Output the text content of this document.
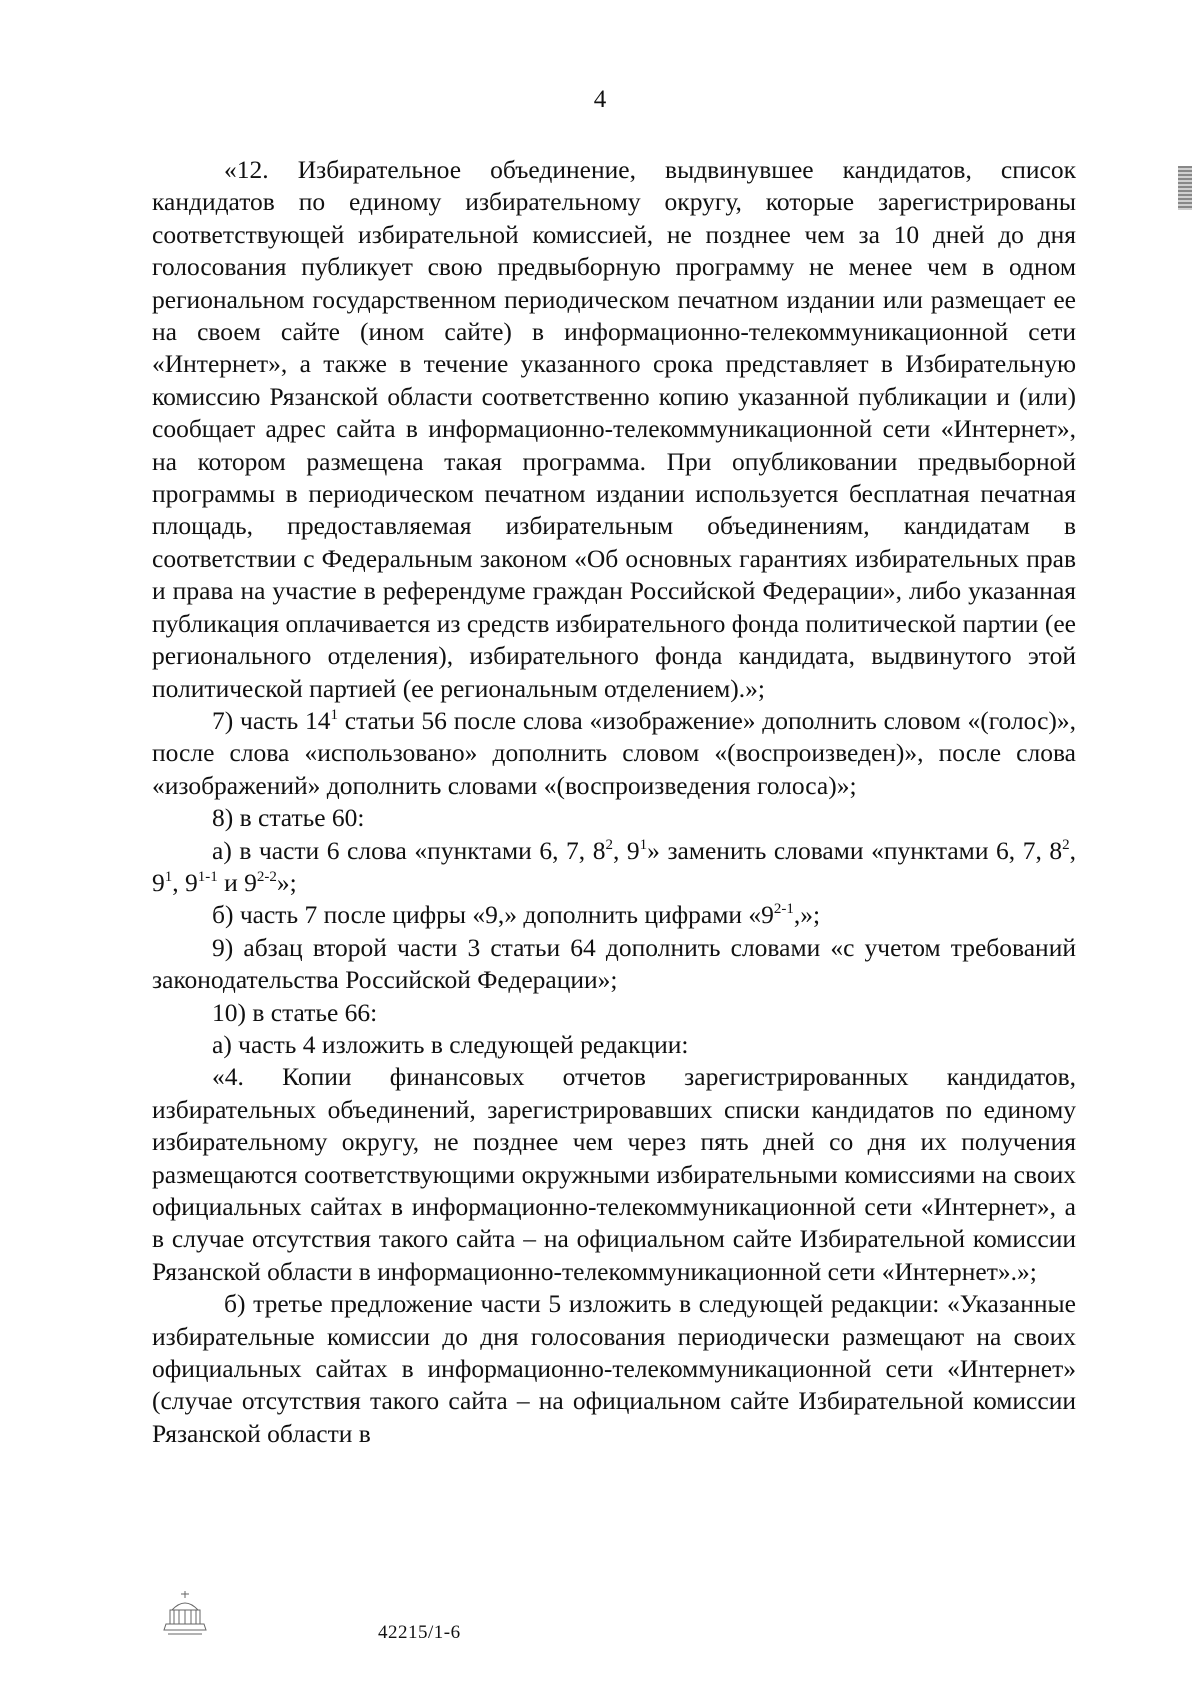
4

«12. Избирательное объединение, выдвинувшее кандидатов, список кандидатов по единому избирательному округу, которые зарегистрированы соответствующей избирательной комиссией, не позднее чем за 10 дней до дня голосования публикует свою предвыборную программу не менее чем в одном региональном государственном периодическом печатном издании или размещает ее на своем сайте (ином сайте) в информационно-телекоммуникационной сети «Интернет», а также в течение указанного срока представляет в Избирательную комиссию Рязанской области соответственно копию указанной публикации и (или) сообщает адрес сайта в информационно-телекоммуникационной сети «Интернет», на котором размещена такая программа. При опубликовании предвыборной программы в периодическом печатном издании используется бесплатная печатная площадь, предоставляемая избирательным объединениям, кандидатам в соответствии с Федеральным законом «Об основных гарантиях избирательных прав и права на участие в референдуме граждан Российской Федерации», либо указанная публикация оплачивается из средств избирательного фонда политической партии (ее регионального отделения), избирательного фонда кандидата, выдвинутого этой политической партией (ее региональным отделением).»;

7) часть $14^1$ статьи 56 после слова «изображение» дополнить словом «(голос)», после слова «использовано» дополнить словом «(воспроизведен)», после слова «изображений» дополнить словами «(воспроизведения голоса)»;

8) в статье 60:

а) в части 6 слова «пунктами 6, 7, $8^2$, $9^1$» заменить словами «пунктами 6, 7, $8^2$, $9^1$, 9$^{1-1}$ и 9$^{2-2}$»;

б) часть 7 после цифры «9,» дополнить цифрами «9$^{2-1}$,»;

9) абзац второй части 3 статьи 64 дополнить словами «с учетом требований законодательства Российской Федерации»;

10) в статье 66:

а) часть 4 изложить в следующей редакции:

«4. Копии финансовых отчетов зарегистрированных кандидатов, избирательных объединений, зарегистрировавших списки кандидатов по единому избирательному округу, не позднее чем через пять дней со дня их получения размещаются соответствующими окружными избирательными комиссиями на своих официальных сайтах в информационно-телекоммуникационной сети «Интернет», а в случае отсутствия такого сайта – на официальном сайте Избирательной комиссии Рязанской области в информационно-телекоммуникационной сети «Интернет».»;

б) третье предложение части 5 изложить в следующей редакции: «Указанные избирательные комиссии до дня голосования периодически размещают на своих официальных сайтах в информационно-телекоммуникационной сети «Интернет» (случае отсутствия такого сайта – на официальном сайте Избирательной комиссии Рязанской области в

42215/1-6
